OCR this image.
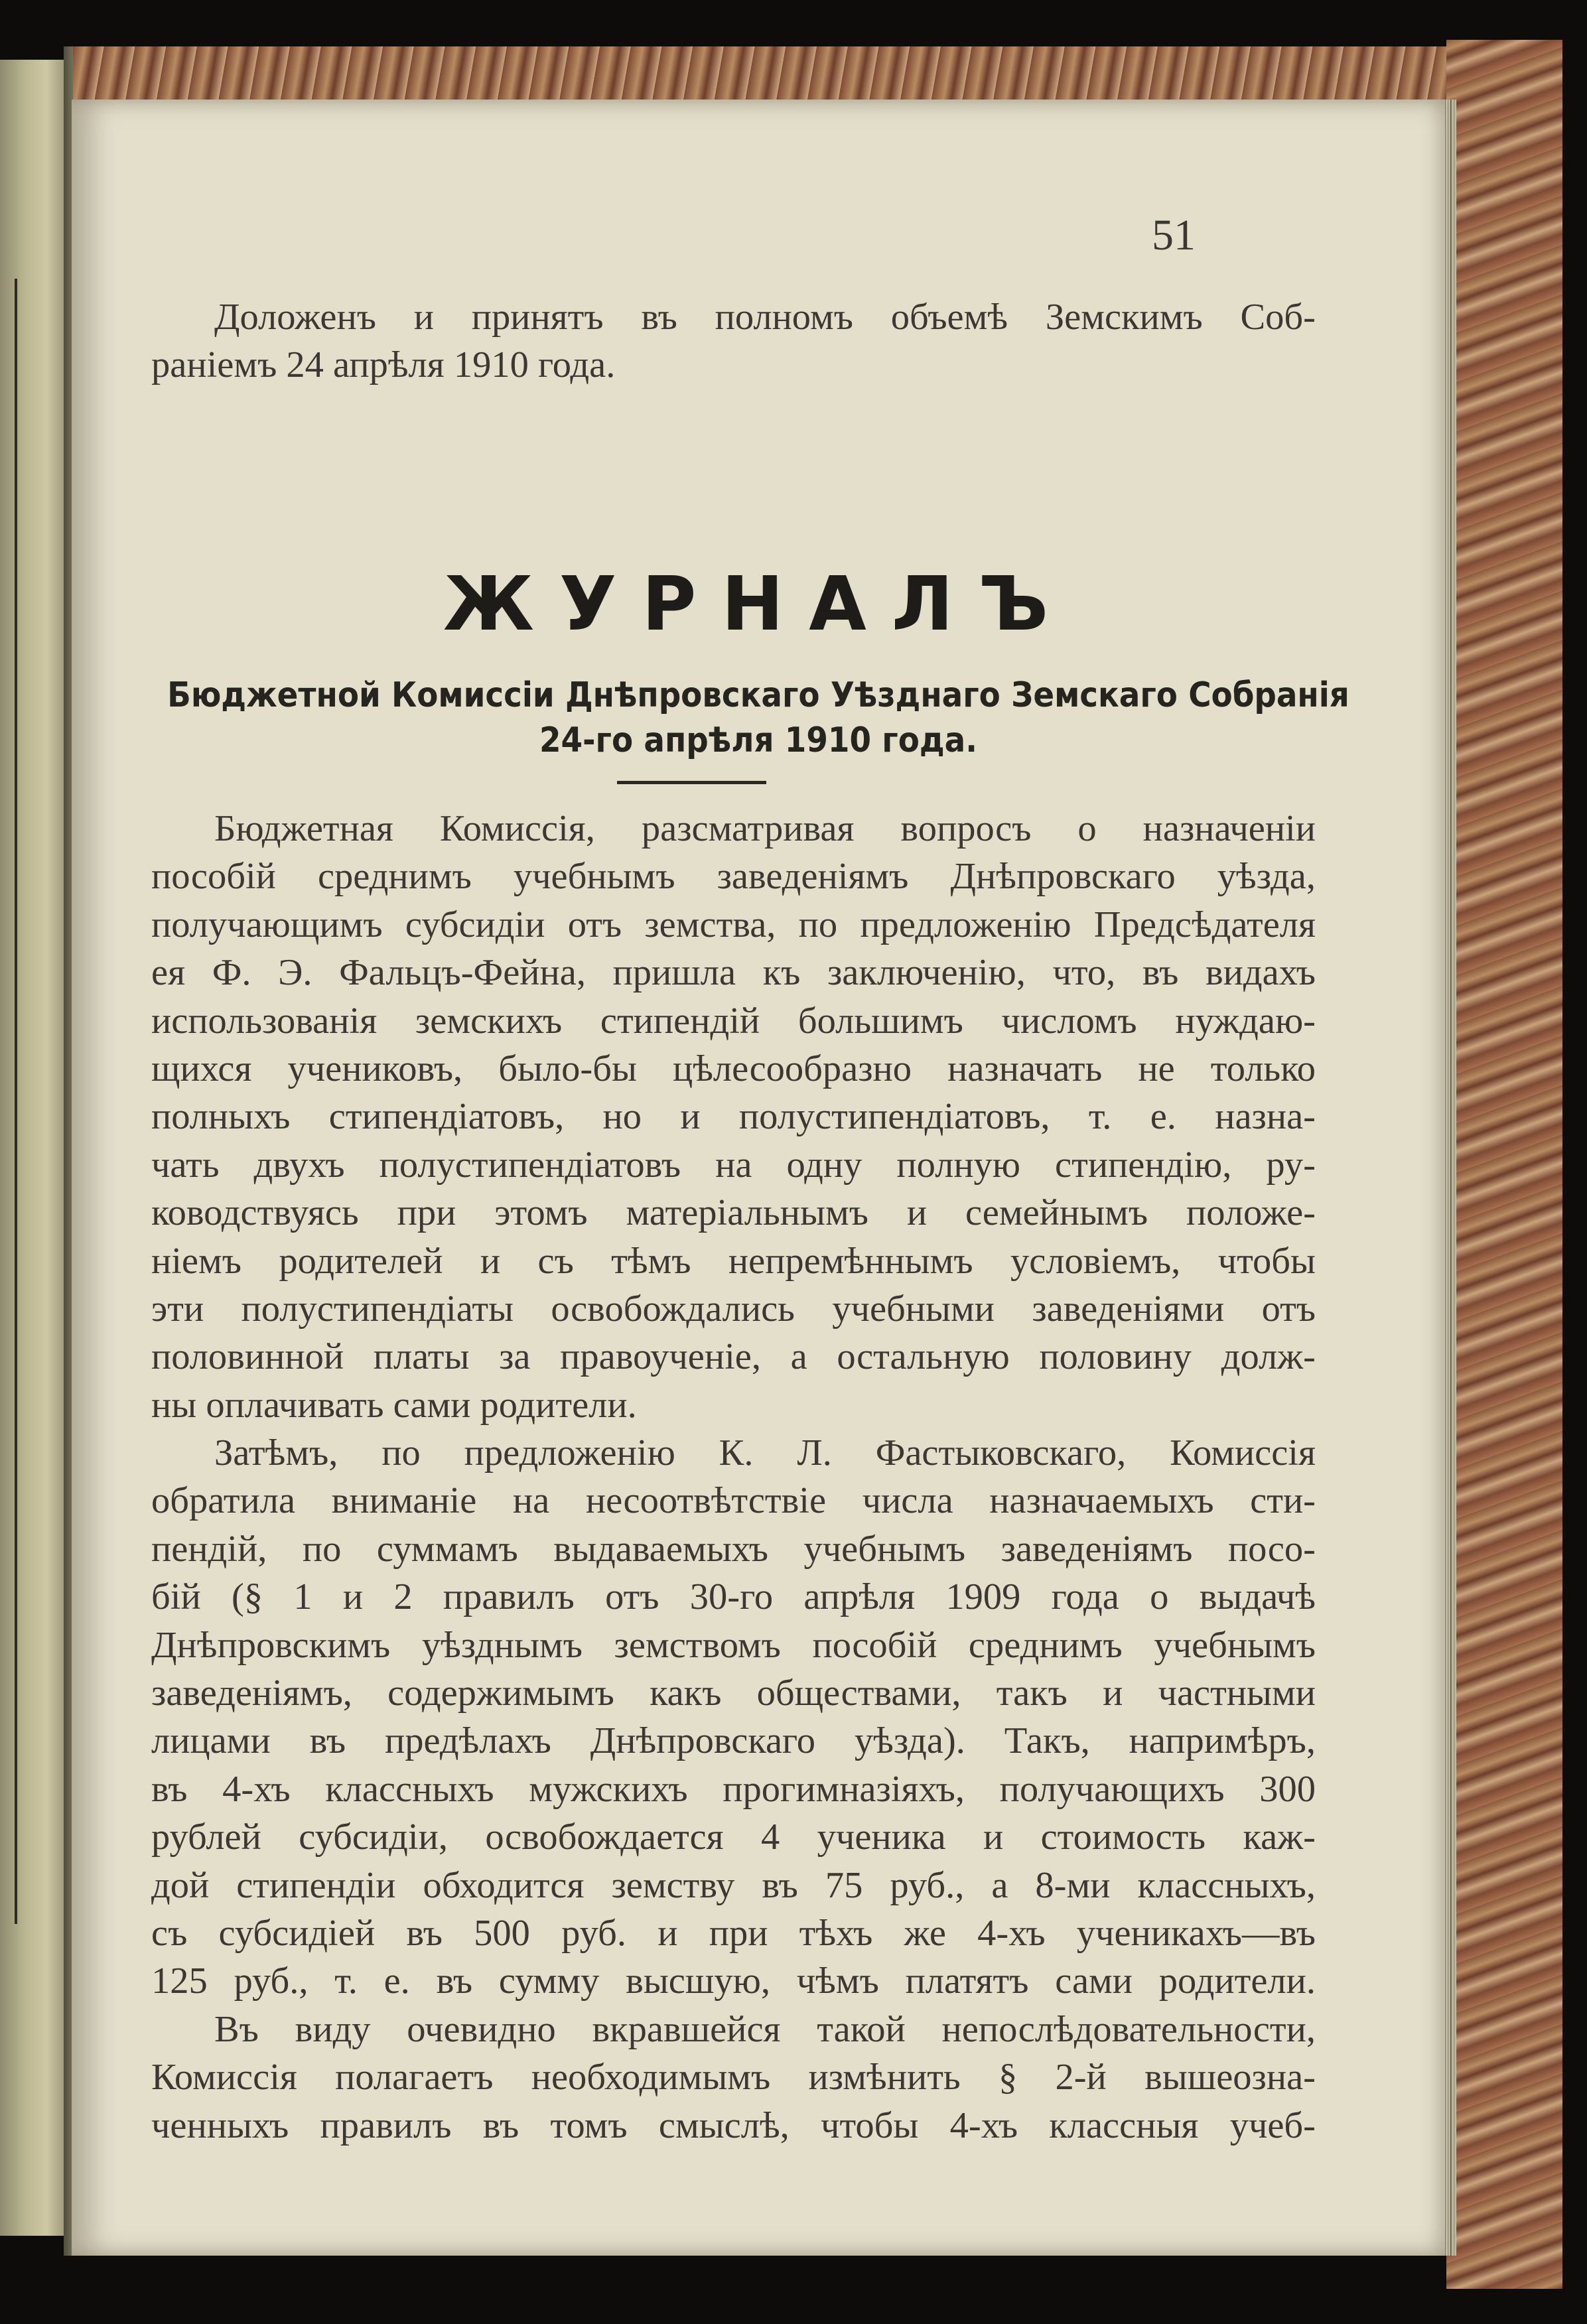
51
Доложенъ и принятъ въ полномъ объемѣ Земскимъ Соб-
раніемъ 24 апрѣля 1910 года.
ЖУРНАЛЪ
Бюджетной Комиссіи Днѣпровскаго Уѣзднаго Земскаго Собранія
24-го апрѣля 1910 года.
Бюджетная Комиссія, разсматривая вопросъ о назначеніи
пособій среднимъ учебнымъ заведеніямъ Днѣпровскаго уѣзда,
получающимъ субсидіи отъ земства, по предложенію Предсѣдателя
ея Ф. Э. Фальцъ-Фейна, пришла къ заключенію, что, въ видахъ
использованія земскихъ стипендій большимъ числомъ нуждаю-
щихся учениковъ, было-бы цѣлесообразно назначать не только
полныхъ стипендіатовъ, но и полустипендіатовъ, т. е. назна-
чать двухъ полустипендіатовъ на одну полную стипендію, ру-
ководствуясь при этомъ матеріальнымъ и семейнымъ положе-
ніемъ родителей и съ тѣмъ непремѣннымъ условіемъ, чтобы
эти полустипендіаты освобождались учебными заведеніями отъ
половинной платы за правоученіе, а остальную половину долж-
ны оплачивать сами родители.
Затѣмъ, по предложенію К. Л. Фастыковскаго, Комиссія
обратила вниманіе на несоотвѣтствіе числа назначаемыхъ сти-
пендій, по суммамъ выдаваемыхъ учебнымъ заведеніямъ посо-
бій (§ 1 и 2 правилъ отъ 30-го апрѣля 1909 года о выдачѣ
Днѣпровскимъ уѣзднымъ земствомъ пособій среднимъ учебнымъ
заведеніямъ, содержимымъ какъ обществами, такъ и частными
лицами въ предѣлахъ Днѣпровскаго уѣзда). Такъ, напримѣръ,
въ 4-хъ классныхъ мужскихъ прогимназіяхъ, получающихъ 300
рублей субсидіи, освобождается 4 ученика и стоимость каж-
дой стипендіи обходится земству въ 75 руб., а 8-ми классныхъ,
съ субсидіей въ 500 руб. и при тѣхъ же 4-хъ ученикахъ—въ
125 руб., т. е. въ сумму высшую, чѣмъ платятъ сами родители.
Въ виду очевидно вкравшейся такой непослѣдовательности,
Комиссія полагаетъ необходимымъ измѣнить § 2-й вышеозна-
ченныхъ правилъ въ томъ смыслѣ, чтобы 4-хъ классныя учеб-
